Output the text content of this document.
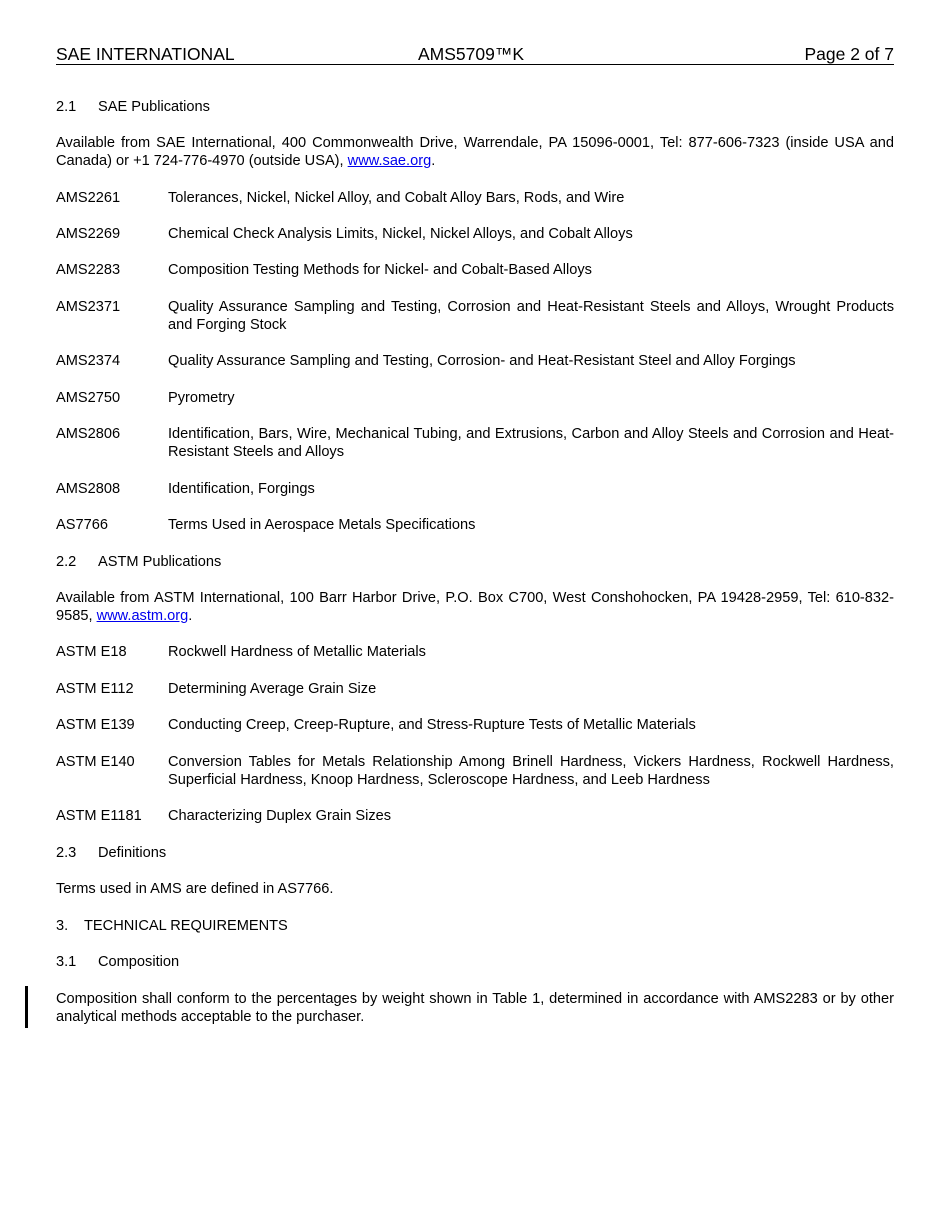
SAE INTERNATIONAL	AMS5709™K	Page 2 of 7
2.1 SAE Publications
Available from SAE International, 400 Commonwealth Drive, Warrendale, PA 15096-0001, Tel: 877-606-7323 (inside USA and Canada) or +1 724-776-4970 (outside USA), www.sae.org.
AMS2261	Tolerances, Nickel, Nickel Alloy, and Cobalt Alloy Bars, Rods, and Wire
AMS2269	Chemical Check Analysis Limits, Nickel, Nickel Alloys, and Cobalt Alloys
AMS2283	Composition Testing Methods for Nickel- and Cobalt-Based Alloys
AMS2371	Quality Assurance Sampling and Testing, Corrosion and Heat-Resistant Steels and Alloys, Wrought Products and Forging Stock
AMS2374	Quality Assurance Sampling and Testing, Corrosion- and Heat-Resistant Steel and Alloy Forgings
AMS2750	Pyrometry
AMS2806	Identification, Bars, Wire, Mechanical Tubing, and Extrusions, Carbon and Alloy Steels and Corrosion and Heat-Resistant Steels and Alloys
AMS2808	Identification, Forgings
AS7766	Terms Used in Aerospace Metals Specifications
2.2 ASTM Publications
Available from ASTM International, 100 Barr Harbor Drive, P.O. Box C700, West Conshohocken, PA 19428-2959, Tel: 610-832-9585, www.astm.org.
ASTM E18	Rockwell Hardness of Metallic Materials
ASTM E112	Determining Average Grain Size
ASTM E139	Conducting Creep, Creep-Rupture, and Stress-Rupture Tests of Metallic Materials
ASTM E140	Conversion Tables for Metals Relationship Among Brinell Hardness, Vickers Hardness, Rockwell Hardness, Superficial Hardness, Knoop Hardness, Scleroscope Hardness, and Leeb Hardness
ASTM E1181	Characterizing Duplex Grain Sizes
2.3 Definitions
Terms used in AMS are defined in AS7766.
3. TECHNICAL REQUIREMENTS
3.1 Composition
Composition shall conform to the percentages by weight shown in Table 1, determined in accordance with AMS2283 or by other analytical methods acceptable to the purchaser.
